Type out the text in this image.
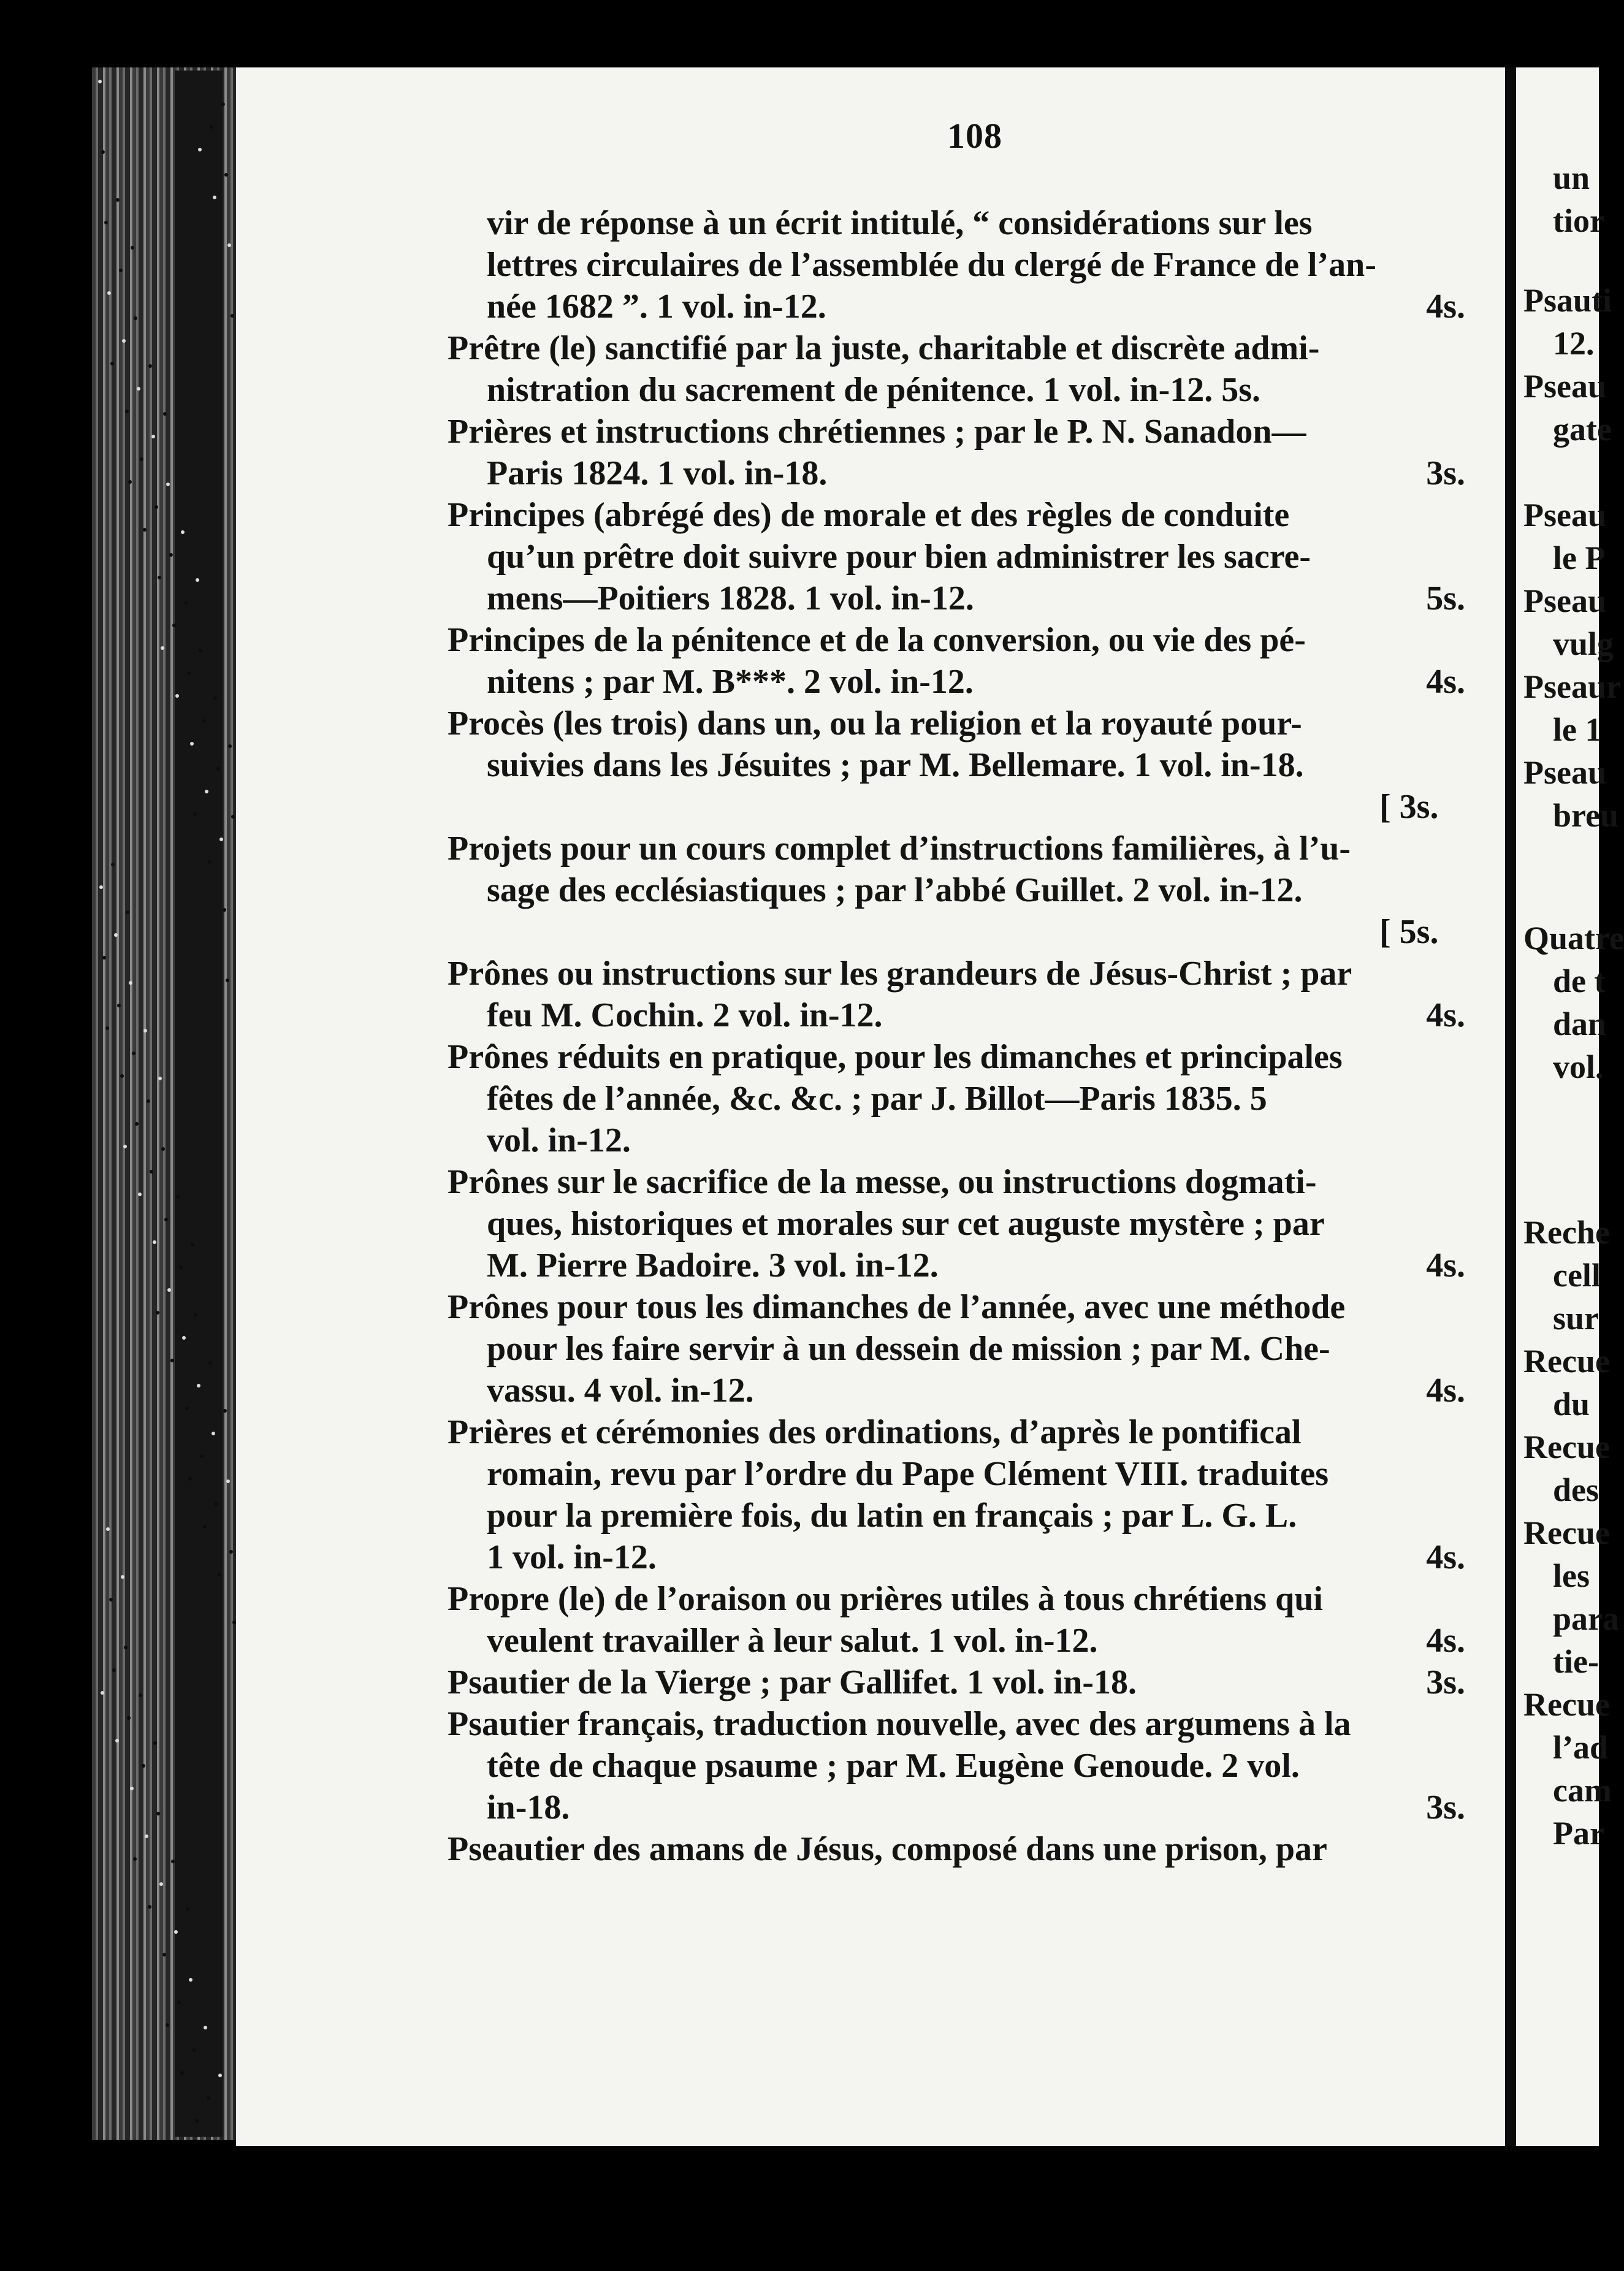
un
tior
Psauti
12.
Pseau
gate
Pseau
le P
Pseau
vulg
Pseaur
le 1
Pseau
breu
Quatre
de t
dan
vol.
Reche
cell
sur
Recue
du
Recue
des
Recue
les
para
tie-
Recue
l’ad
cam
Par
108
vir de réponse à un écrit intitulé, “ considérations sur les
lettres circulaires de l’assemblée du clergé de France de l’an-
née 1682 ”. 1 vol. in-12.	4s.
Prêtre (le) sanctifié par la juste, charitable et discrète admi-
nistration du sacrement de pénitence. 1 vol. in-12. 5s.
Prières et instructions chrétiennes ; par le P. N. Sanadon—
Paris 1824. 1 vol. in-18.	3s.
Principes (abrégé des) de morale et des règles de conduite
qu’un prêtre doit suivre pour bien administrer les sacre-
mens—Poitiers 1828. 1 vol. in-12.	5s.
Principes de la pénitence et de la conversion, ou vie des pé-
nitens ; par M. B***. 2 vol. in-12.	4s.
Procès (les trois) dans un, ou la religion et la royauté pour-
suivies dans les Jésuites ; par M. Bellemare. 1 vol. in-18.
[ 3s.
Projets pour un cours complet d’instructions familières, à l’u-
sage des ecclésiastiques ; par l’abbé Guillet. 2 vol. in-12.
[ 5s.
Prônes ou instructions sur les grandeurs de Jésus-Christ ; par
feu M. Cochin. 2 vol. in-12.	4s.
Prônes réduits en pratique, pour les dimanches et principales
fêtes de l’année, &c. &c. ; par J. Billot—Paris 1835. 5
vol. in-12.
Prônes sur le sacrifice de la messe, ou instructions dogmati-
ques, historiques et morales sur cet auguste mystère ; par
M. Pierre Badoire. 3 vol. in-12.	4s.
Prônes pour tous les dimanches de l’année, avec une méthode
pour les faire servir à un dessein de mission ; par M. Che-
vassu. 4 vol. in-12.	4s.
Prières et cérémonies des ordinations, d’après le pontifical
romain, revu par l’ordre du Pape Clément VIII. traduites
pour la première fois, du latin en français ; par L. G. L.
1 vol. in-12.	4s.
Propre (le) de l’oraison ou prières utiles à tous chrétiens qui
veulent travailler à leur salut. 1 vol. in-12.	4s.
Psautier de la Vierge ; par Gallifet. 1 vol. in-18.	3s.
Psautier français, traduction nouvelle, avec des argumens à la
tête de chaque psaume ; par M. Eugène Genoude. 2 vol.
in-18.	3s.
Pseautier des amans de Jésus, composé dans une prison, par
